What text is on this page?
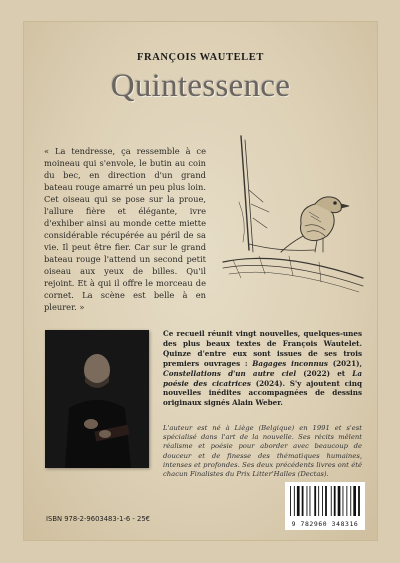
FRANÇOIS WAUTELET
Quintessence
« La tendresse, ça ressemble à ce moineau qui s'envole, le butin au coin du bec, en direction d'un grand bateau rouge amarré un peu plus loin. Cet oiseau qui se pose sur la proue, l'allure fière et élégante, ivre d'exhiber ainsi au monde cette miette considérable récupérée au péril de sa vie. Il peut être fier. Car sur le grand bateau rouge l'attend un second petit oiseau aux yeux de billes. Qu'il rejoint. Et à qui il offre le morceau de cornet. La scène est belle à en pleurer. »
Ce recueil réunit vingt nouvelles, quelques-unes des plus beaux textes de François Wautelet. Quinze d'entre eux sont issues de ses trois premiers ouvrages : Bagages inconnus (2021), Constellations d'un autre ciel (2022) et La poésie des cicatrices (2024). S'y ajoutent cinq nouvelles inédites accompagnées de dessins originaux signés Alain Weber.
L'auteur est né à Liège (Belgique) en 1991 et s'est spécialisé dans l'art de la nouvelle. Ses récits mêlent réalisme et poésie pour aborder avec beaucoup de douceur et de finesse des thématiques humaines, intenses et profondes. Ses deux précédents livres ont été chacun Finalistes du Prix Litter'Halles (Dectas).
ISBN 978-2-9603483-1-6 - 25€
9 782960 348316
